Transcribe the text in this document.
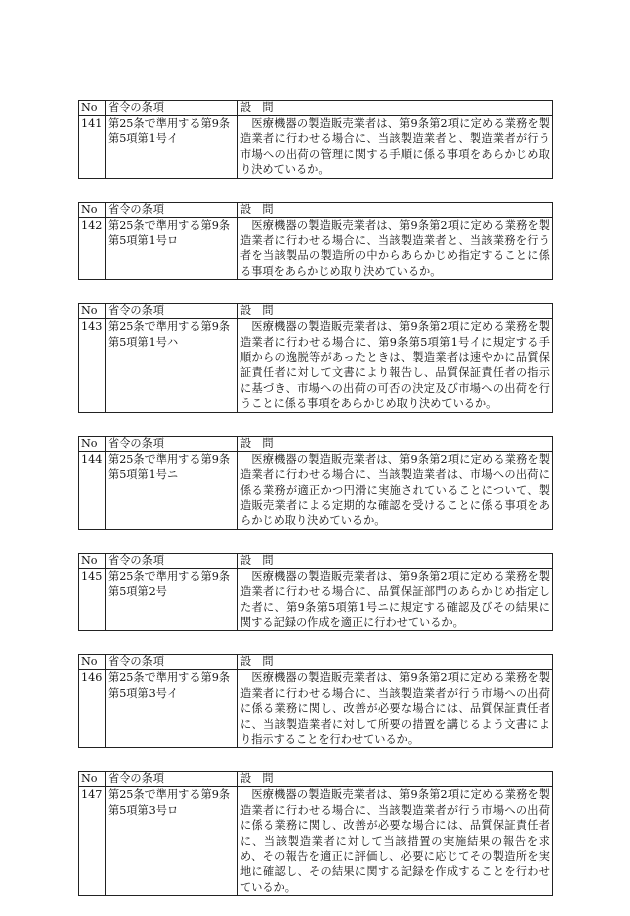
No	省令の条項	設　問
141	第25条で準用する第9条第5項第1号イ	　医療機器の製造販売業者は、第9条第2項に定める業務を製造業者に行わせる場合に、当該製造業者と、製造業者が行う市場への出荷の管理に関する手順に係る事項をあらかじめ取り決めているか。
No	省令の条項	設　問
142	第25条で準用する第9条第5項第1号ロ	　医療機器の製造販売業者は、第9条第2項に定める業務を製造業者に行わせる場合に、当該製造業者と、当該業務を行う者を当該製品の製造所の中からあらかじめ指定することに係る事項をあらかじめ取り決めているか。
No	省令の条項	設　問
143	第25条で準用する第9条第5項第1号ハ	　医療機器の製造販売業者は、第9条第2項に定める業務を製造業者に行わせる場合に、第9条第5項第1号イに規定する手順からの逸脱等があったときは、製造業者は速やかに品質保証責任者に対して文書により報告し、品質保証責任者の指示に基づき、市場への出荷の可否の決定及び市場への出荷を行うことに係る事項をあらかじめ取り決めているか。
No	省令の条項	設　問
144	第25条で準用する第9条第5項第1号ニ	　医療機器の製造販売業者は、第9条第2項に定める業務を製造業者に行わせる場合に、当該製造業者は、市場への出荷に係る業務が適正かつ円滑に実施されていることについて、製造販売業者による定期的な確認を受けることに係る事項をあらかじめ取り決めているか。
No	省令の条項	設　問
145	第25条で準用する第9条第5項第2号	　医療機器の製造販売業者は、第9条第2項に定める業務を製造業者に行わせる場合に、品質保証部門のあらかじめ指定した者に、第9条第5項第1号ニに規定する確認及びその結果に関する記録の作成を適正に行わせているか。
No	省令の条項	設　問
146	第25条で準用する第9条第5項第3号イ	　医療機器の製造販売業者は、第9条第2項に定める業務を製造業者に行わせる場合に、当該製造業者が行う市場への出荷に係る業務に関し、改善が必要な場合には、品質保証責任者に、当該製造業者に対して所要の措置を講じるよう文書により指示することを行わせているか。
No	省令の条項	設　問
147	第25条で準用する第9条第5項第3号ロ	　医療機器の製造販売業者は、第9条第2項に定める業務を製造業者に行わせる場合に、当該製造業者が行う市場への出荷に係る業務に関し、改善が必要な場合には、品質保証責任者に、当該製造業者に対して当該措置の実施結果の報告を求め、その報告を適正に評価し、必要に応じてその製造所を実地に確認し、その結果に関する記録を作成することを行わせているか。
